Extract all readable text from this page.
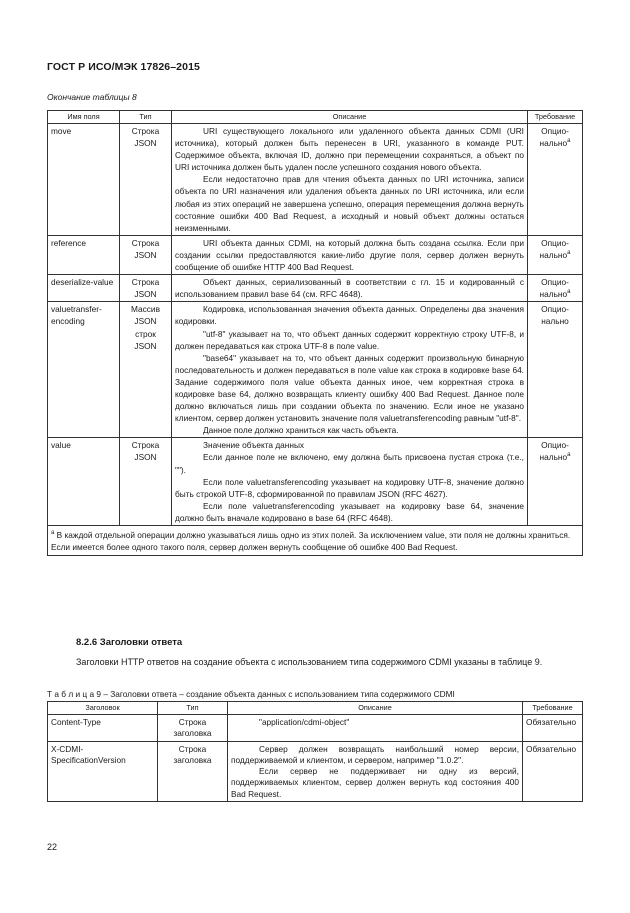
ГОСТ Р ИСО/МЭК 17826–2015
Окончание таблицы 8
Имя поля	Тип	Описание	Требование
move	Строка JSON	URI существующего локального или удаленного объекта данных CDMI (URI источника), который должен быть перенесен в URI, указанного в команде PUT. Содержимое объекта, включая ID, должно при перемещении сохраняться, а объект по URI источника должен быть удален после успешного создания нового объекта.
Если недостаточно прав для чтения объекта данных по URI источника, записи объекта по URI назначения или удаления объекта данных по URI источника, или если любая из этих операций не завершена успешно, операция перемещения должна вернуть состояние ошибки 400 Bad Request, а исходный и новый объект должны остаться неизменными.	Опцио-нально$^a$
reference	Строка JSON	URI объекта данных CDMI, на который должна быть создана ссылка. Если при создании ссылки предоставляются какие-либо другие поля, сервер должен вернуть сообщение об ошибке HTTP 400 Bad Request.	Опцио-нально$^a$
deserialize-value	Строка JSON	Объект данных, сериализованный в соответствии с гл. 15 и кодированный с использованием правил base 64 (см. RFC 4648).	Опцио-нально$^a$
valuetransfer-encoding	Массив JSON строк JSON	Кодировка, использованная значения объекта данных. Определены два значения кодировки.
"utf-8" указывает на то, что объект данных содержит корректную строку UTF-8, и должен передаваться как строка UTF-8 в поле value.
"base64" указывает на то, что объект данных содержит произвольную бинарную последовательность и должен передаваться в поле value как строка в кодировке base 64. Задание содержимого поля value объекта данных иное, чем корректная строка в кодировке base 64, должно возвращать клиенту ошибку 400 Bad Request. Данное поле должно включаться лишь при создании объекта по значению. Если иное не указано клиентом, сервер должен установить значение поля valuetransferencoding равным "utf-8".
Данное поле должно храниться как часть объекта.	Опцио-нально
value	Строка JSON	Значение объекта данных
Если данное поле не включено, ему должна быть присвоена пустая строка (т.е., "").
Если поле valuetransferencoding указывает на кодировку UTF-8, значение должно быть строкой UTF-8, сформированной по правилам JSON (RFC 4627).
Если поле valuetransferencoding указывает на кодировку base 64, значение должно быть вначале кодировано в base 64 (RFC 4648).	Опцио-нально$^a$
$^a$ В каждой отдельной операции должно указываться лишь одно из этих полей. За исключением value, эти поля не должны храниться. Если имеется более одного такого поля, сервер должен вернуть сообщение об ошибке 400 Bad Request.			
8.2.6 Заголовки ответа
Заголовки HTTP ответов на создание объекта с использованием типа содержимого CDMI указаны в таблице 9.
Т а б л и ц а 9 – Заголовки ответа – создание объекта данных с использованием типа содержимого CDMI
Заголовок	Тип	Описание	Требование
Content-Type	Строка заголовка	"application/cdmi-object"	Обязательно
X-CDMI-SpecificationVersion	Строка заголовка	Сервер должен возвращать наибольший номер версии, поддерживаемой и клиентом, и сервером, например "1.0.2".
Если сервер не поддерживает ни одну из версий, поддерживаемых клиентом, сервер должен вернуть код состояния 400 Bad Request.	Обязательно
22
